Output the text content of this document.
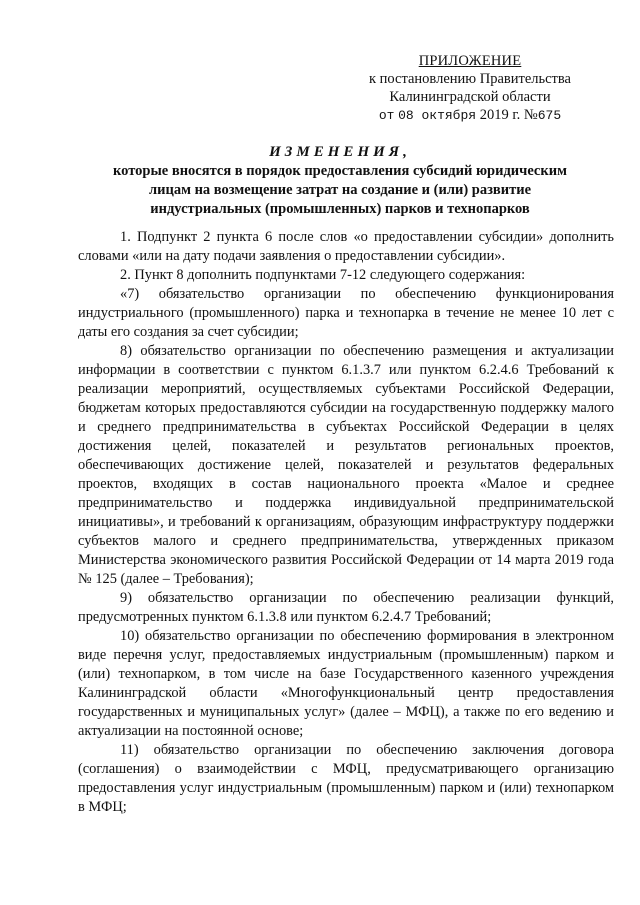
ПРИЛОЖЕНИЕ
к постановлению Правительства
Калининградской области
от 08 октября 2019 г. №675
ИЗМЕНЕНИЯ,
которые вносятся в порядок предоставления субсидий юридическим
лицам на возмещение затрат на создание и (или) развитие
индустриальных (промышленных) парков и технопарков

1. Подпункт 2 пункта 6 после слов «о предоставлении субсидии» дополнить словами «или на дату подачи заявления о предоставлении субсидии».

2. Пункт 8 дополнить подпунктами 7-12 следующего содержания:

«7) обязательство организации по обеспечению функционирования индустриального (промышленного) парка и технопарка в течение не менее 10 лет с даты его создания за счет субсидии;

8) обязательство организации по обеспечению размещения и актуализации информации в соответствии с пунктом 6.1.3.7 или пунктом 6.2.4.6 Требований к реализации мероприятий, осуществляемых субъектами Российской Федерации, бюджетам которых предоставляются субсидии на государственную поддержку малого и среднего предпринимательства в субъектах Российской Федерации в целях достижения целей, показателей и результатов региональных проектов, обеспечивающих достижение целей, показателей и результатов федеральных проектов, входящих в состав национального проекта «Малое и среднее предпринимательство и поддержка индивидуальной предпринимательской инициативы», и требований к организациям, образующим инфраструктуру поддержки субъектов малого и среднего предпринимательства, утвержденных приказом Министерства экономического развития Российской Федерации от 14 марта 2019 года № 125 (далее – Требования);

9) обязательство организации по обеспечению реализации функций, предусмотренных пунктом 6.1.3.8 или пунктом 6.2.4.7 Требований;

10) обязательство организации по обеспечению формирования в электронном виде перечня услуг, предоставляемых индустриальным (промышленным) парком и (или) технопарком, в том числе на базе Государственного казенного учреждения Калининградской области «Многофункциональный центр предоставления государственных и муниципальных услуг» (далее – МФЦ), а также по его ведению и актуализации на постоянной основе;

11) обязательство организации по обеспечению заключения договора (соглашения) о взаимодействии с МФЦ, предусматривающего организацию предоставления услуг индустриальным (промышленным) парком и (или) технопарком в МФЦ;
